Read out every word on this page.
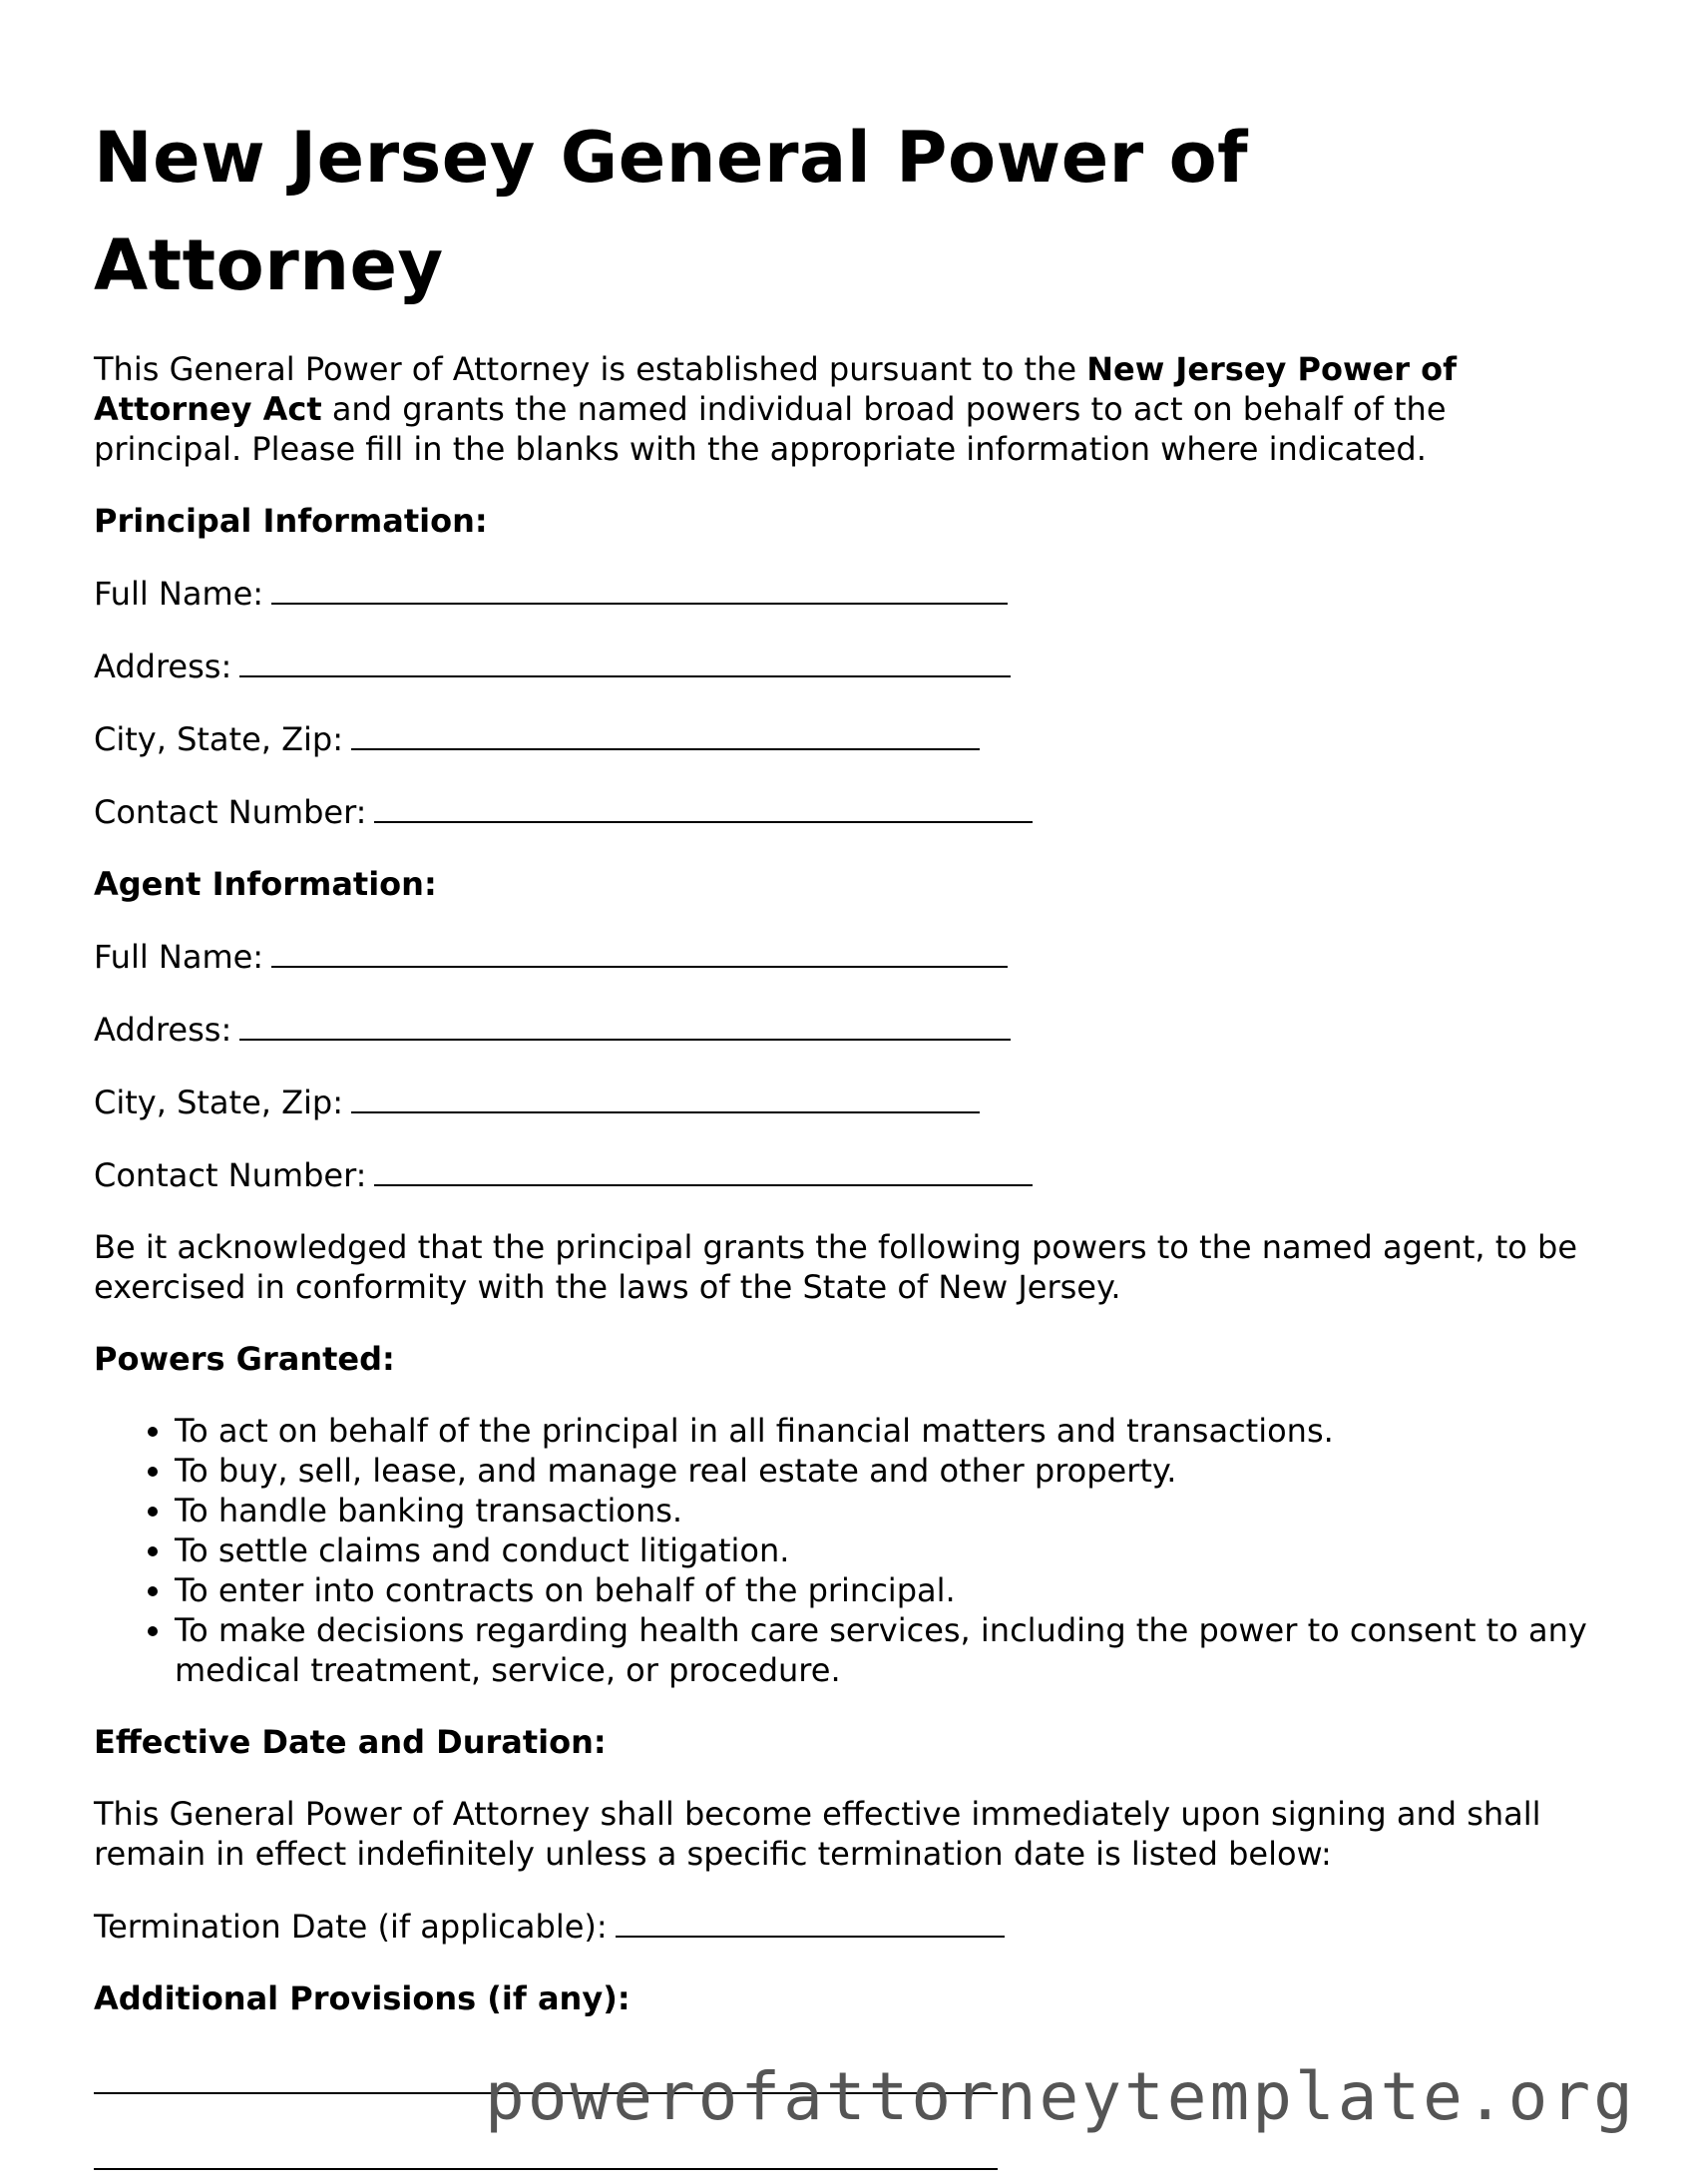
New Jersey General Power of Attorney

This General Power of Attorney is established pursuant to the New Jersey Power of Attorney Act and grants the named individual broad powers to act on behalf of the principal. Please fill in the blanks with the appropriate information where indicated.

Principal Information:
Full Name:
Address:
City, State, Zip:
Contact Number:
Agent Information:
Full Name:
Address:
City, State, Zip:
Contact Number:

Be it acknowledged that the principal grants the following powers to the named agent, to be exercised in conformity with the laws of the State of New Jersey.

Powers Granted:
• To act on behalf of the principal in all financial matters and transactions.
• To buy, sell, lease, and manage real estate and other property.
• To handle banking transactions.
• To settle claims and conduct litigation.
• To enter into contracts on behalf of the principal.
• To make decisions regarding health care services, including the power to consent to any medical treatment, service, or procedure.
Effective Date and Duration:

This General Power of Attorney shall become effective immediately upon signing and shall remain in effect indefinitely unless a specific termination date is listed below:

Termination Date (if applicable):
Additional Provisions (if any):
powerofattorneytemplate.org
